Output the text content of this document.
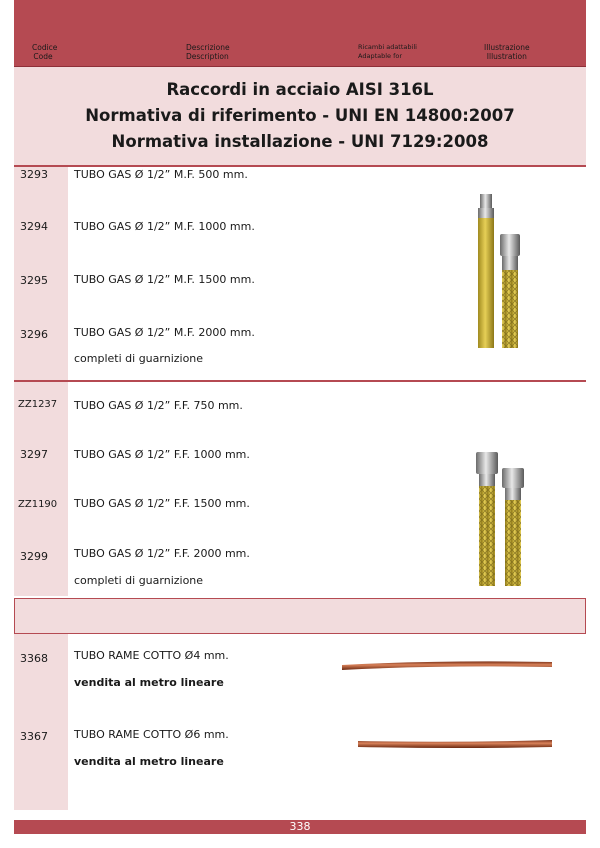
Codice
Code
Descrizione
Description
Ricambi adattabili
Adaptable for
Illustrazione
Illustration
Raccordi in acciaio AISI 316L
Normativa di riferimento - UNI EN 14800:2007
Normativa installazione - UNI 7129:2008
3293 TUBO GAS Ø 1/2” M.F. 500 mm.
3294 TUBO GAS Ø 1/2” M.F. 1000 mm.
3295 TUBO GAS Ø 1/2” M.F. 1500 mm.
3296 TUBO GAS Ø 1/2” M.F. 2000 mm.
completi di guarnizione
ZZ1237 TUBO GAS Ø 1/2” F.F. 750 mm.
3297 TUBO GAS Ø 1/2” F.F. 1000 mm.
ZZ1190 TUBO GAS Ø 1/2” F.F. 1500 mm.
3299 TUBO GAS Ø 1/2” F.F. 2000 mm.
completi di guarnizione
3368 TUBO RAME COTTO Ø4 mm.
vendita al metro lineare
3367 TUBO RAME COTTO Ø6 mm.
vendita al metro lineare
338
